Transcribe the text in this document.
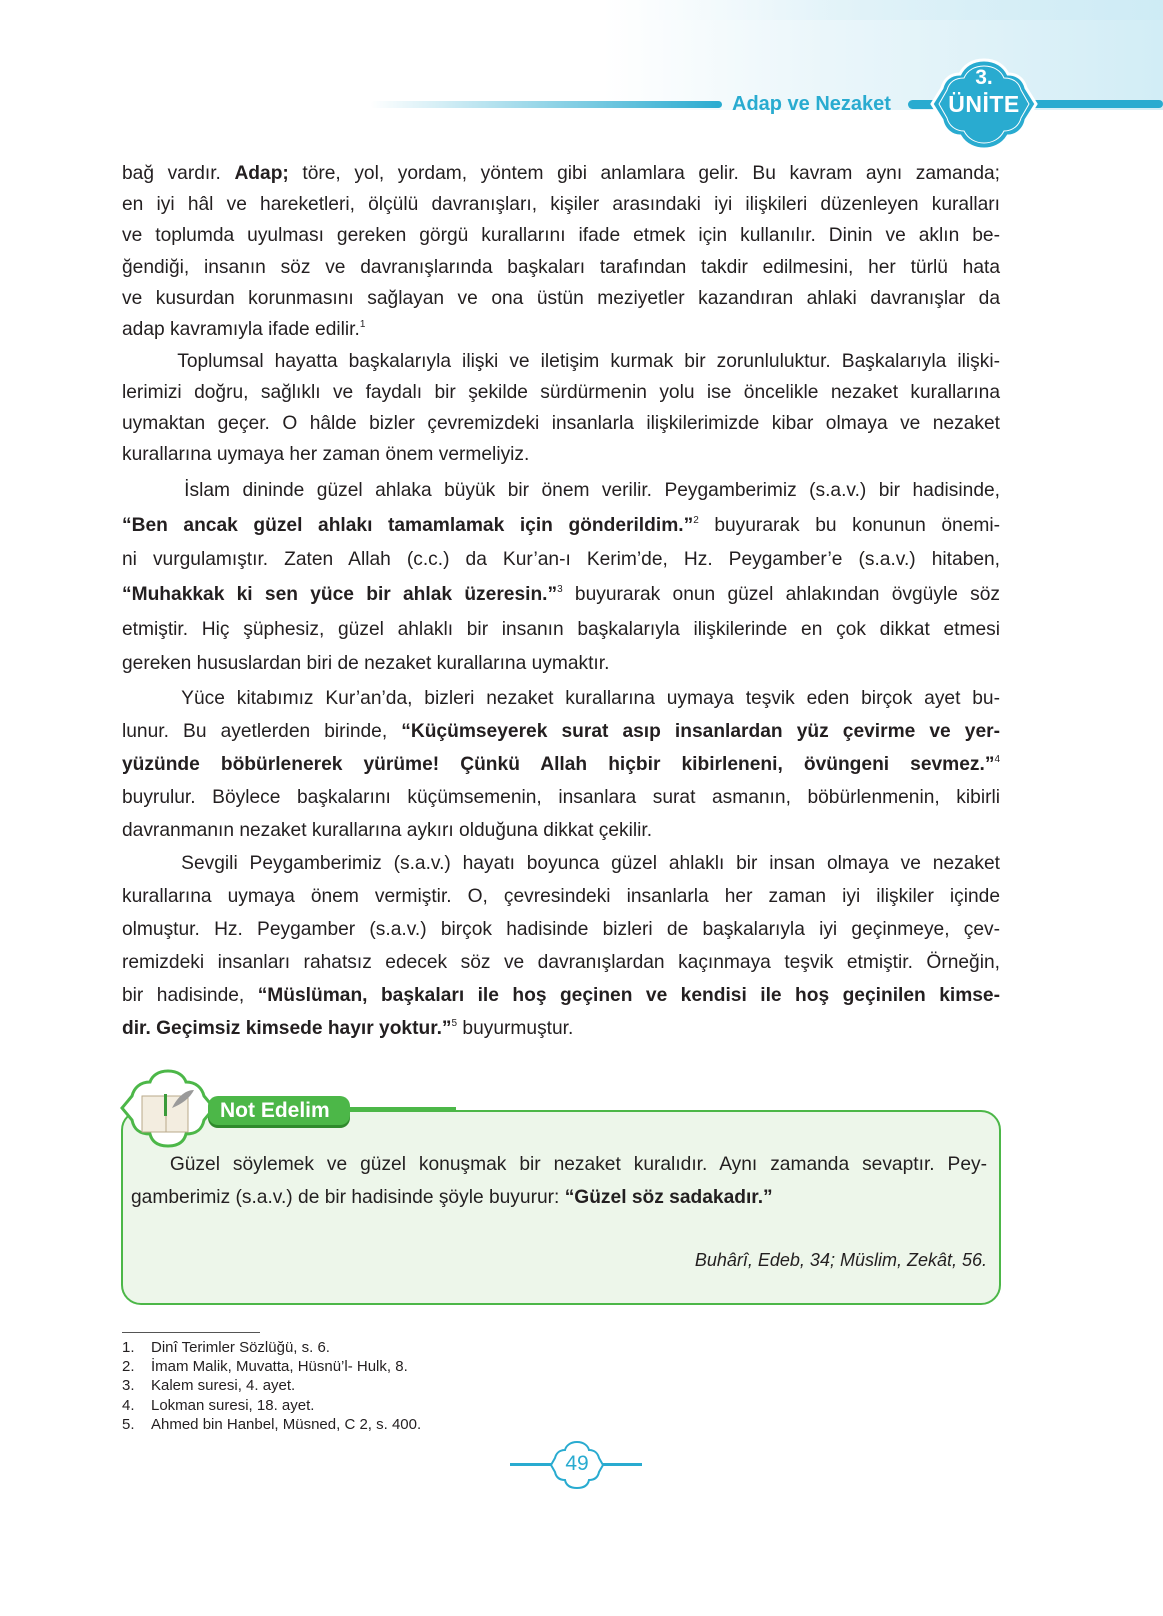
Adap ve Nezaket
3.
ÜNİTE
bağ vardır. Adap; töre, yol, yordam, yöntem gibi anlamlara gelir. Bu kavram aynı zamanda;
en iyi hâl ve hareketleri, ölçülü davranışları, kişiler arasındaki iyi ilişkileri düzenleyen kuralları
ve toplumda uyulması gereken görgü kurallarını ifade etmek için kullanılır. Dinin ve aklın be-
ğendiği, insanın söz ve davranışlarında başkaları tarafından takdir edilmesini, her türlü hata
ve kusurdan korunmasını sağlayan ve ona üstün meziyetler kazandıran ahlaki davranışlar da
adap kavramıyla ifade edilir.$^1$
Toplumsal hayatta başkalarıyla ilişki ve iletişim kurmak bir zorunluluktur. Başkalarıyla ilişki-
lerimizi doğru, sağlıklı ve faydalı bir şekilde sürdürmenin yolu ise öncelikle nezaket kurallarına
uymaktan geçer. O hâlde bizler çevremizdeki insanlarla ilişkilerimizde kibar olmaya ve nezaket
kurallarına uymaya her zaman önem vermeliyiz.
İslam dininde güzel ahlaka büyük bir önem verilir. Peygamberimiz (s.a.v.) bir hadisinde,
“Ben ancak güzel ahlakı tamamlamak için gönderildim.”$^2$ buyurarak bu konunun önemi-
ni vurgulamıştır. Zaten Allah (c.c.) da Kur’an-ı Kerim’de, Hz. Peygamber’e (s.a.v.) hitaben,
“Muhakkak ki sen yüce bir ahlak üzeresin.”$^3$ buyurarak onun güzel ahlakından övgüyle söz
etmiştir. Hiç şüphesiz, güzel ahlaklı bir insanın başkalarıyla ilişkilerinde en çok dikkat etmesi
gereken hususlardan biri de nezaket kurallarına uymaktır.
Yüce kitabımız Kur’an’da, bizleri nezaket kurallarına uymaya teşvik eden birçok ayet bu-
lunur. Bu ayetlerden birinde, “Küçümseyerek surat asıp insanlardan yüz çevirme ve yer-
yüzünde böbürlenerek yürüme! Çünkü Allah hiçbir kibirleneni, övüngeni sevmez.”$^4$
buyrulur. Böylece başkalarını küçümsemenin, insanlara surat asmanın, böbürlenmenin, kibirli
davranmanın nezaket kurallarına aykırı olduğuna dikkat çekilir.
Sevgili Peygamberimiz (s.a.v.) hayatı boyunca güzel ahlaklı bir insan olmaya ve nezaket
kurallarına uymaya önem vermiştir. O, çevresindeki insanlarla her zaman iyi ilişkiler içinde
olmuştur. Hz. Peygamber (s.a.v.) birçok hadisinde bizleri de başkalarıyla iyi geçinmeye, çev-
remizdeki insanları rahatsız edecek söz ve davranışlardan kaçınmaya teşvik etmiştir. Örneğin,
bir hadisinde, “Müslüman, başkaları ile hoş geçinen ve kendisi ile hoş geçinilen kimse-
dir. Geçimsiz kimsede hayır yoktur.”$^5$ buyurmuştur.
Not Edelim
Güzel söylemek ve güzel konuşmak bir nezaket kuralıdır. Aynı zamanda sevaptır. Pey-
gamberimiz (s.a.v.) de bir hadisinde şöyle buyurur: “Güzel söz sadakadır.”
Buhârî, Edeb, 34; Müslim, Zekât, 56.
1.	Dinî Terimler Sözlüğü, s. 6.
2.	İmam Malik, Muvatta, Hüsnü’l- Hulk, 8.
3.	Kalem suresi, 4. ayet.
4.	Lokman suresi, 18. ayet.
5.	Ahmed bin Hanbel, Müsned, C 2, s. 400.
49
